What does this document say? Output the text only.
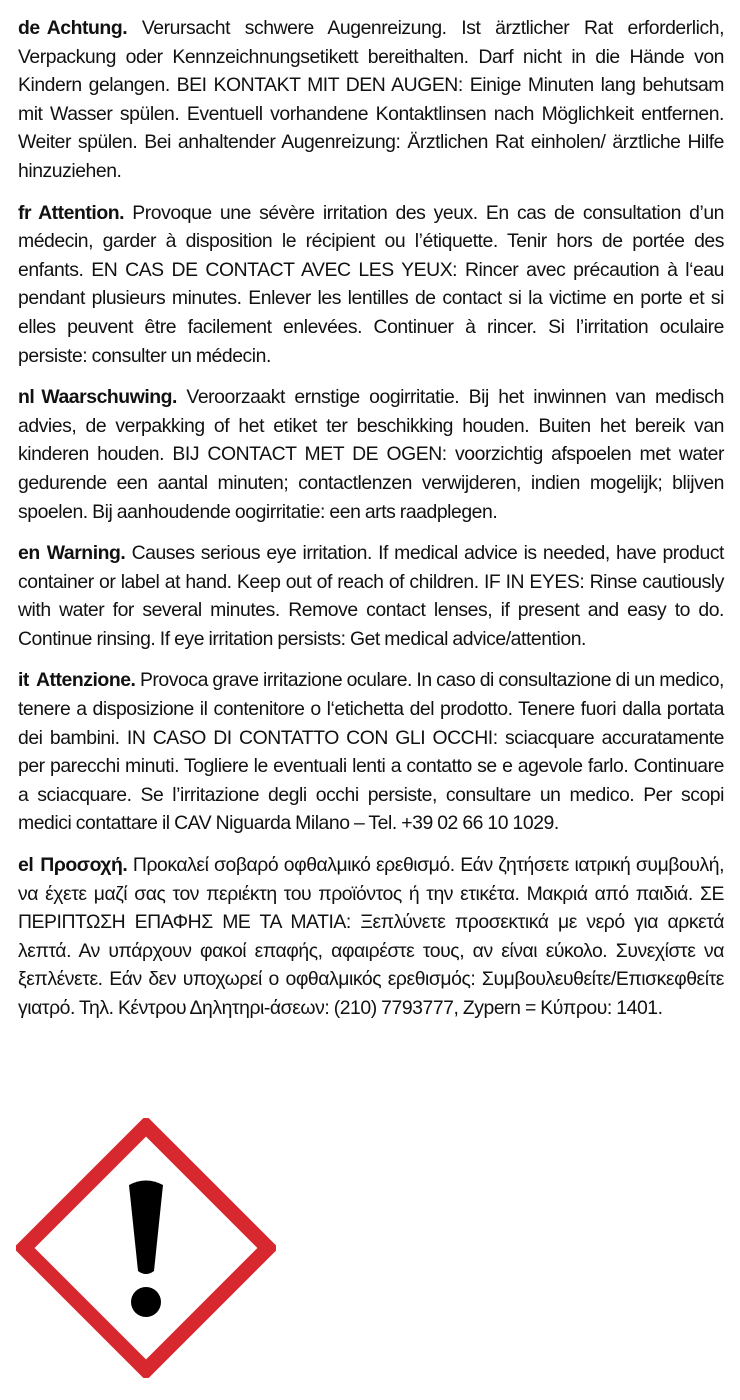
de Achtung. Verursacht schwere Augenreizung. Ist ärztlicher Rat erforderlich, Verpackung oder Kennzeichnungsetikett bereithalten. Darf nicht in die Hände von Kindern gelangen. BEI KONTAKT MIT DEN AUGEN: Einige Minuten lang behutsam mit Wasser spülen. Eventuell vorhandene Kontaktlinsen nach Möglichkeit entfernen. Weiter spülen. Bei anhaltender Augenreizung: Ärztlichen Rat einholen/ ärztliche Hilfe hinzuziehen.

fr Attention. Provoque une sévère irritation des yeux. En cas de consultation d’un médecin, garder à disposition le récipient ou l’étiquette. Tenir hors de portée des enfants. EN CAS DE CONTACT AVEC LES YEUX: Rincer avec précaution à l‘eau pendant plusieurs minutes. Enlever les lentilles de contact si la victime en porte et si elles peuvent être facilement enlevées. Continuer à rincer. Si l’irritation oculaire persiste: consulter un médecin.

nl Waarschuwing. Veroorzaakt ernstige oogirritatie. Bij het inwinnen van medisch advies, de verpakking of het etiket ter beschikking houden. Buiten het bereik van kinderen houden. BIJ CONTACT MET DE OGEN: voorzichtig afspoelen met water gedurende een aantal minuten; contactlenzen verwijderen, indien mogelijk; blijven spoelen. Bij aanhoudende oogirritatie: een arts raadplegen.

en Warning. Causes serious eye irritation. If medical advice is needed, have product container or label at hand. Keep out of reach of children. IF IN EYES: Rinse cautiously with water for several minutes. Remove contact lenses, if present and easy to do. Continue rinsing. If eye irritation persists: Get medical advice/attention.

it Attenzione. Provoca grave irritazione oculare. In caso di consultazione di un medico, tenere a disposizione il contenitore o l‘etichetta del prodotto. Tenere fuori dalla portata dei bambini. IN CASO DI CONTATTO CON GLI OCCHI: sciacquare accuratamente per parecchi minuti. Togliere le eventuali lenti a contatto se e agevole farlo. Continuare a sciacquare. Se l’irritazione degli occhi persiste, consultare un medico. Per scopi medici contattare il CAV Niguarda Milano – Tel. +39 02 66 10 1029.

el Προσοχή. Προκαλεί σοβαρό οφθαλμικό ερεθισμό. Εάν ζητήσετε ιατρική συμβουλή, να έχετε μαζί σας τον περιέκτη του προϊόντος ή την ετικέτα. Μακριά από παιδιά. ΣΕ ΠΕΡΙΠΤΩΣΗ ΕΠΑΦΗΣ ΜΕ ΤΑ ΜΑΤΙΑ: Ξεπλύνετε προσεκτικά με νερό για αρκετά λεπτά. Αν υπάρχουν φακοί επαφής, αφαιρέστε τους, αν είναι εύκολο. Συνεχίστε να ξεπλένετε. Εάν δεν υποχωρεί ο οφθαλμικός ερεθισμός: Συμβουλευθείτε/Επισκεφθείτε γιατρό. Τηλ. Κέντρου Δηλητηρι-άσεων: (210) 7793777, Zypern = Κύπρου: 1401.
